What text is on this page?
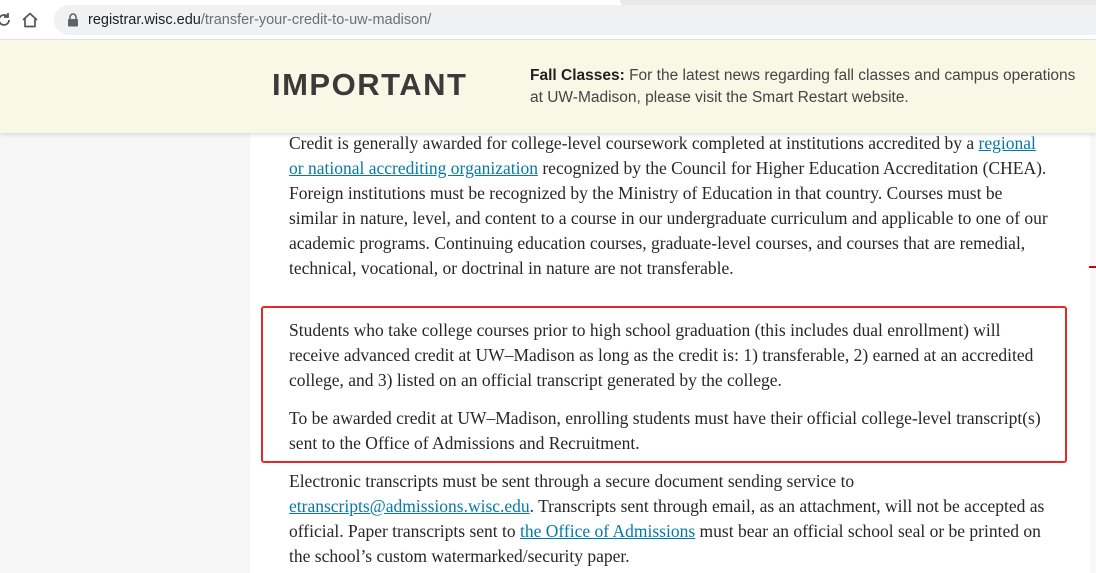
registrar.wisc.edu/transfer-your-credit-to-uw-madison/
IMPORTANT	Fall Classes: For the latest news regarding fall classes and campus operations at UW-Madison, please visit the Smart Restart website.

Credit is generally awarded for college-level coursework completed at institutions accredited by a regional or national accrediting organization recognized by the Council for Higher Education Accreditation (CHEA). Foreign institutions must be recognized by the Ministry of Education in that country. Courses must be similar in nature, level, and content to a course in our undergraduate curriculum and applicable to one of our academic programs. Continuing education courses, graduate-level courses, and courses that are remedial, technical, vocational, or doctrinal in nature are not transferable.

Students who take college courses prior to high school graduation (this includes dual enrollment) will receive advanced credit at UW–Madison as long as the credit is: 1) transferable, 2) earned at an accredited college, and 3) listed on an official transcript generated by the college.

To be awarded credit at UW–Madison, enrolling students must have their official college-level transcript(s) sent to the Office of Admissions and Recruitment.

Electronic transcripts must be sent through a secure document sending service to etranscripts@admissions.wisc.edu. Transcripts sent through email, as an attachment, will not be accepted as official. Paper transcripts sent to the Office of Admissions must bear an official school seal or be printed on the school’s custom watermarked/security paper.
